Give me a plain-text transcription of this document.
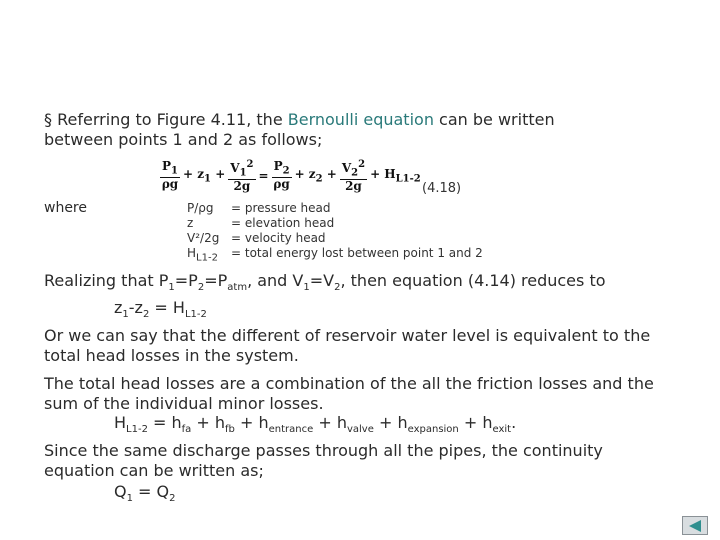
§ Referring to Figure 4.11, the Bernoulli equation can be written
between points 1 and 2 as follows;
$\frac{P_1}{\rho g} + z_1 + \frac{V_1^2}{2g} = \frac{P_2}{\rho g} + z_2 + \frac{V_2^2}{2g} + H_{L1-2}$
(4.18)
where	P/ρg = pressure head
z	= elevation head
V²/2g = velocity head
$H_{L1-2}$ = total energy lost between point 1 and 2
Realizing that $P_1=P_2=P_{atm}$, and $V_1=V_2$, then equation (4.14) reduces to
$z_1-z_2 = H_{L1-2}$
Or we can say that the different of reservoir water level is equivalent to the
total head losses in the system.
The total head losses are a combination of the all the friction losses and the
sum of the individual minor losses.
$H_{L1-2} = h_{fa} + h_{fb} + h_{entrance} + h_{valve} + h_{expansion} + h_{exit}$.
Since the same discharge passes through all the pipes, the continuity
equation can be written as;
$Q_1 = Q_2$
